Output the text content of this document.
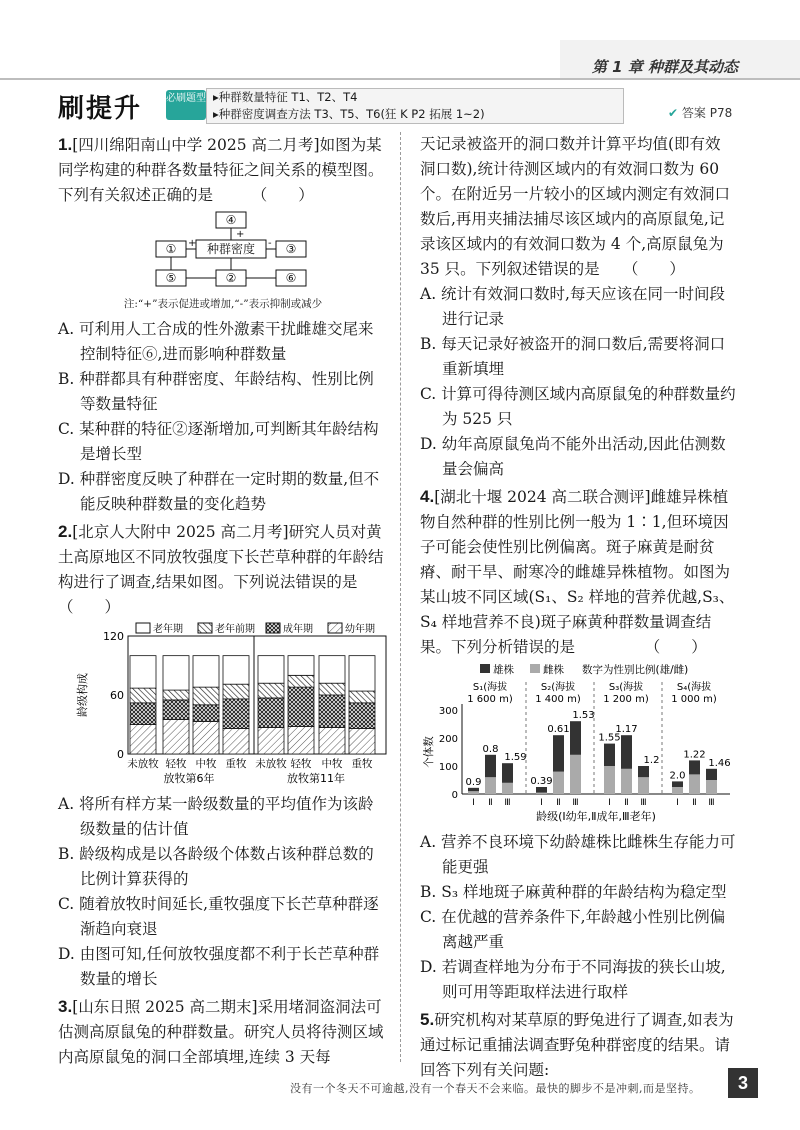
第 1 章 种群及其动态
刷提升 必刷题型 ▸种群数量特征 T1、T2、T4
▸种群密度调查方法 T3、T5、T6(狂 K P2 拓展 1~2)	✔ 答案 P78

1.[四川绵阳南山中学 2025 高二月考]如图为某同学构建的种群各数量特征之间关系的模型图。下列有关叙述正确的是　　　（　　）

④
种群密度
①	③
⑤	②	⑥
+
+	-

注:“+”表示促进或增加,“-”表示抑制或减少

A. 可利用人工合成的性外激素干扰雌雄交尾来控制特征⑥,进而影响种群数量

B. 种群都具有种群密度、年龄结构、性别比例等数量特征

C. 某种群的特征②逐渐增加,可判断其年龄结构是增长型

D. 种群密度反映了种群在一定时期的数量,但不能反映种群数量的变化趋势

2.[北京人大附中 2025 高二月考]研究人员对黄土高原地区不同放牧强度下长芒草种群的年龄结构进行了调查,结果如图。下列说法错误的是　　　　　（　　）

0
60
120
龄级构成
老年期	老年前期	成年期	幼年期
未放牧 轻牧 中牧 重牧 未放牧 轻牧 中牧 重牧
放牧第6年	放牧第11年

A. 将所有样方某一龄级数量的平均值作为该龄级数量的估计值

B. 龄级构成是以各龄级个体数占该种群总数的比例计算获得的

C. 随着放牧时间延长,重牧强度下长芒草种群逐渐趋向衰退

D. 由图可知,任何放牧强度都不利于长芒草种群数量的增长

3.[山东日照 2025 高二期末]采用堵洞盗洞法可估测高原鼠兔的种群数量。研究人员将待测区域内高原鼠兔的洞口全部填埋,连续 3 天每

天记录被盗开的洞口数并计算平均值(即有效洞口数),统计待测区域内的有效洞口数为 60 个。在附近另一片较小的区域内测定有效洞口数后,再用夹捕法捕尽该区域内的高原鼠兔,记录该区域内的有效洞口数为 4 个,高原鼠兔为 35 只。下列叙述错误的是　　（　　）

A. 统计有效洞口数时,每天应该在同一时间段进行记录

B. 每天记录好被盗开的洞口数后,需要将洞口重新填埋

C. 计算可得待测区域内高原鼠兔的种群数量约为 525 只

D. 幼年高原鼠兔尚不能外出活动,因此估测数量会偏高

4.[湖北十堰 2024 高二联合测评]雌雄异株植物自然种群的性别比例一般为 1∶1,但环境因子可能会使性别比例偏离。斑子麻黄是耐贫瘠、耐干旱、耐寒冷的雌雄异株植物。如图为某山坡不同区域(S₁、S₂ 样地的营养优越,S₃、S₄ 样地营养不良)斑子麻黄种群数量调查结果。下列分析错误的是　　　　　（　　）

雄株	雌株 数字为性别比例(雄/雌)
0
100
200
300
个体数
S₁(海拔
1 600 m)
0.9
Ⅰ
0.8
Ⅱ
1.59
Ⅲ
S₂(海拔
1 400 m)
0.39
Ⅰ
0.61
Ⅱ
1.53
Ⅲ
S₃(海拔
1 200 m)
1.55
Ⅰ
1.17
Ⅱ
1.2
Ⅲ
S₄(海拔
1 000 m)
2.0
Ⅰ
1.22
Ⅱ
1.46
Ⅲ
龄级(Ⅰ幼年,Ⅱ成年,Ⅲ老年)

A. 营养不良环境下幼龄雄株比雌株生存能力可能更强

B. S₃ 样地斑子麻黄种群的年龄结构为稳定型

C. 在优越的营养条件下,年龄越小性别比例偏离越严重

D. 若调查样地为分布于不同海拔的狭长山坡,则可用等距取样法进行取样

5.研究机构对某草原的野兔进行了调查,如表为通过标记重捕法调查野兔种群密度的结果。请回答下列有关问题:

没有一个冬天不可逾越,没有一个春天不会来临。最快的脚步不是冲刺,而是坚持。	3
